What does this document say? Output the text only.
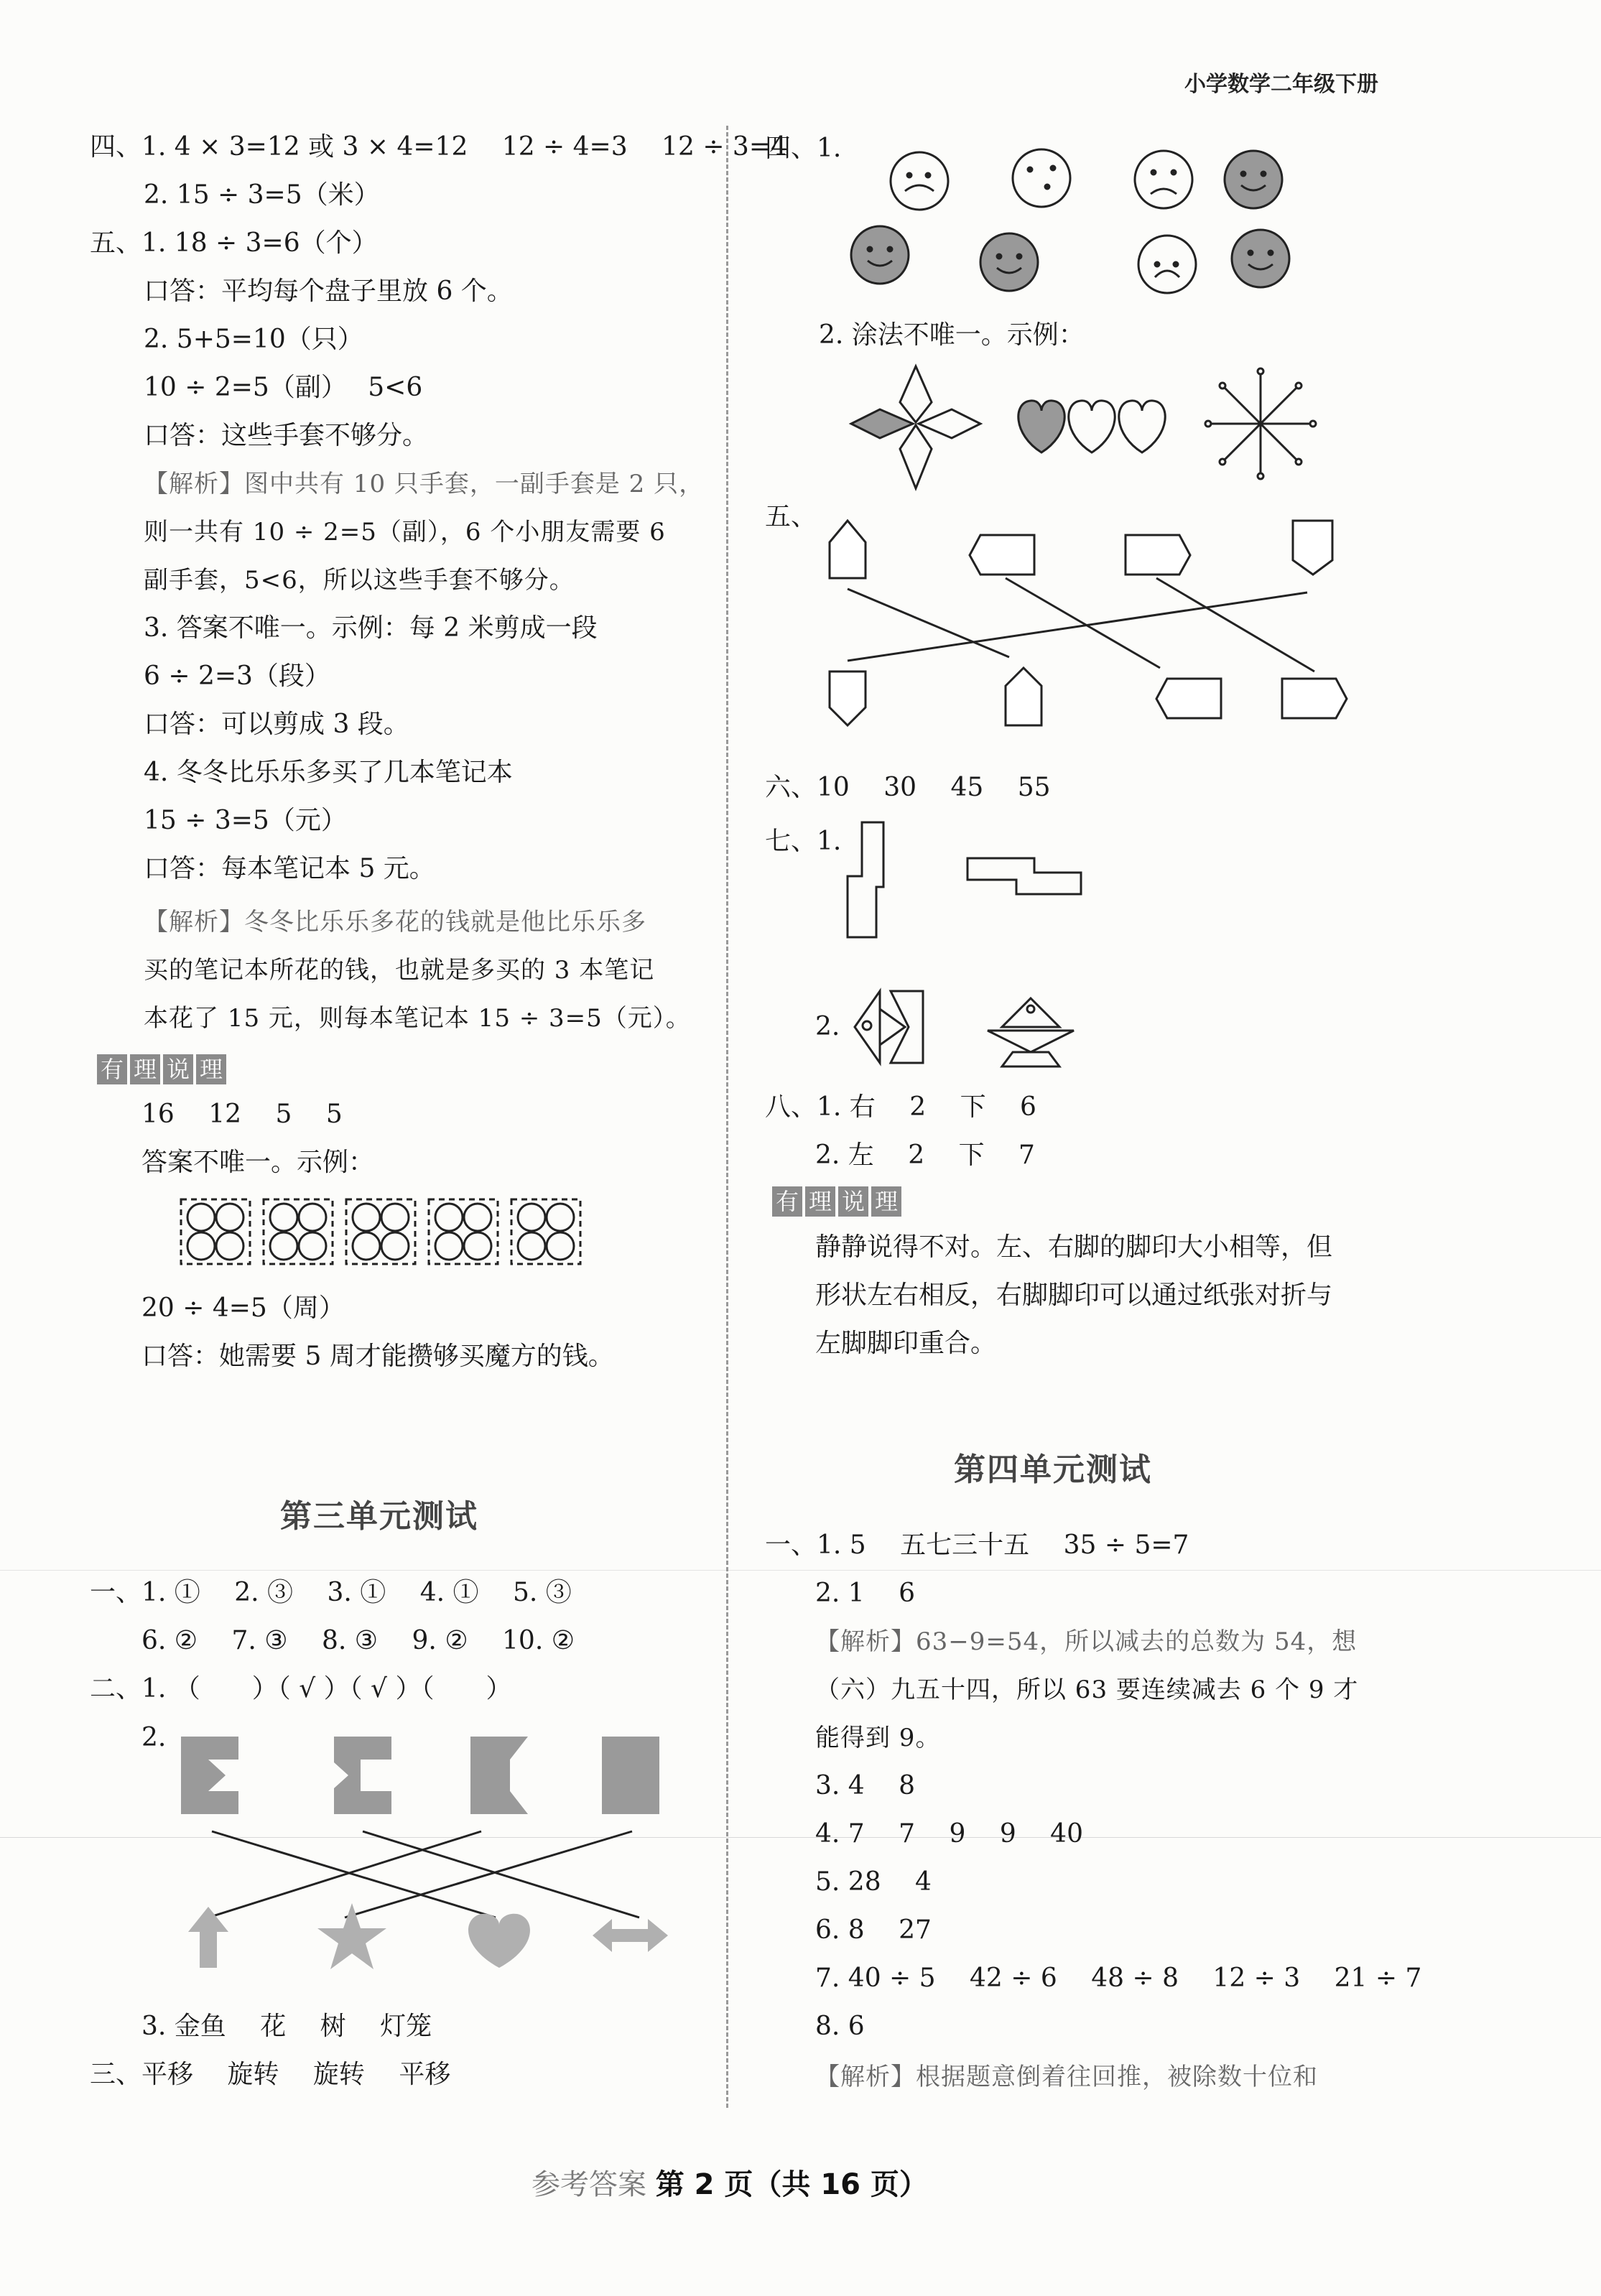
小学数学二年级下册
四、1. 4 × 3=12 或 3 × 4=12　 12 ÷ 4=3　 12 ÷ 3=4
2. 15 ÷ 3=5（米）
五、1. 18 ÷ 3=6（个）
口答：平均每个盘子里放 6 个。
2. 5+5=10（只）
10 ÷ 2=5（副）　 5<6
口答：这些手套不够分。
【解析】图中共有 10 只手套，一副手套是 2 只，
则一共有 10 ÷ 2=5（副），6 个小朋友需要 6
副手套，5<6，所以这些手套不够分。
3. 答案不唯一。示例：每 2 米剪成一段
6 ÷ 2=3（段）
口答：可以剪成 3 段。
4. 冬冬比乐乐多买了几本笔记本
15 ÷ 3=5（元）
口答：每本笔记本 5 元。
【解析】冬冬比乐乐多花的钱就是他比乐乐多
买的笔记本所花的钱，也就是多买的 3 本笔记
本花了 15 元，则每本笔记本 15 ÷ 3=5（元）。
有 理 说 理
16　 12　 5　 5
答案不唯一。示例：
20 ÷ 4=5（周）
口答：她需要 5 周才能攒够买魔方的钱。
第三单元测试
一、1. ①　 2. ③　 3. ①　 4. ①　 5. ③
6. ②　 7. ③　 8. ③　 9. ②　 10. ②
二、1. （　　）（ √ ）（ √ ）（　　）
2.
3. 金鱼　 花　 树　 灯笼
三、平移　 旋转　 旋转　 平移
四、1.
2. 涂法不唯一。示例：
五、
六、10　 30　 45　 55
七、1.
2.
八、1. 右　 2　 下　 6
2. 左　 2　 下　 7
有 理 说 理
静静说得不对。左、右脚的脚印大小相等，但
形状左右相反，右脚脚印可以通过纸张对折与
左脚脚印重合。
第四单元测试
一、1. 5　 五七三十五　 35 ÷ 5=7
2. 1　 6
【解析】63−9=54，所以减去的总数为 54，想
（六）九五十四，所以 63 要连续减去 6 个 9 才
能得到 9。
3. 4　 8
4. 7　 7　 9　 9　 40
5. 28　 4
6. 8　 27
7. 40 ÷ 5　 42 ÷ 6　 48 ÷ 8　 12 ÷ 3　 21 ÷ 7
8. 6
【解析】根据题意倒着往回推，被除数十位和
参考答案 第 2 页（共 16 页）
